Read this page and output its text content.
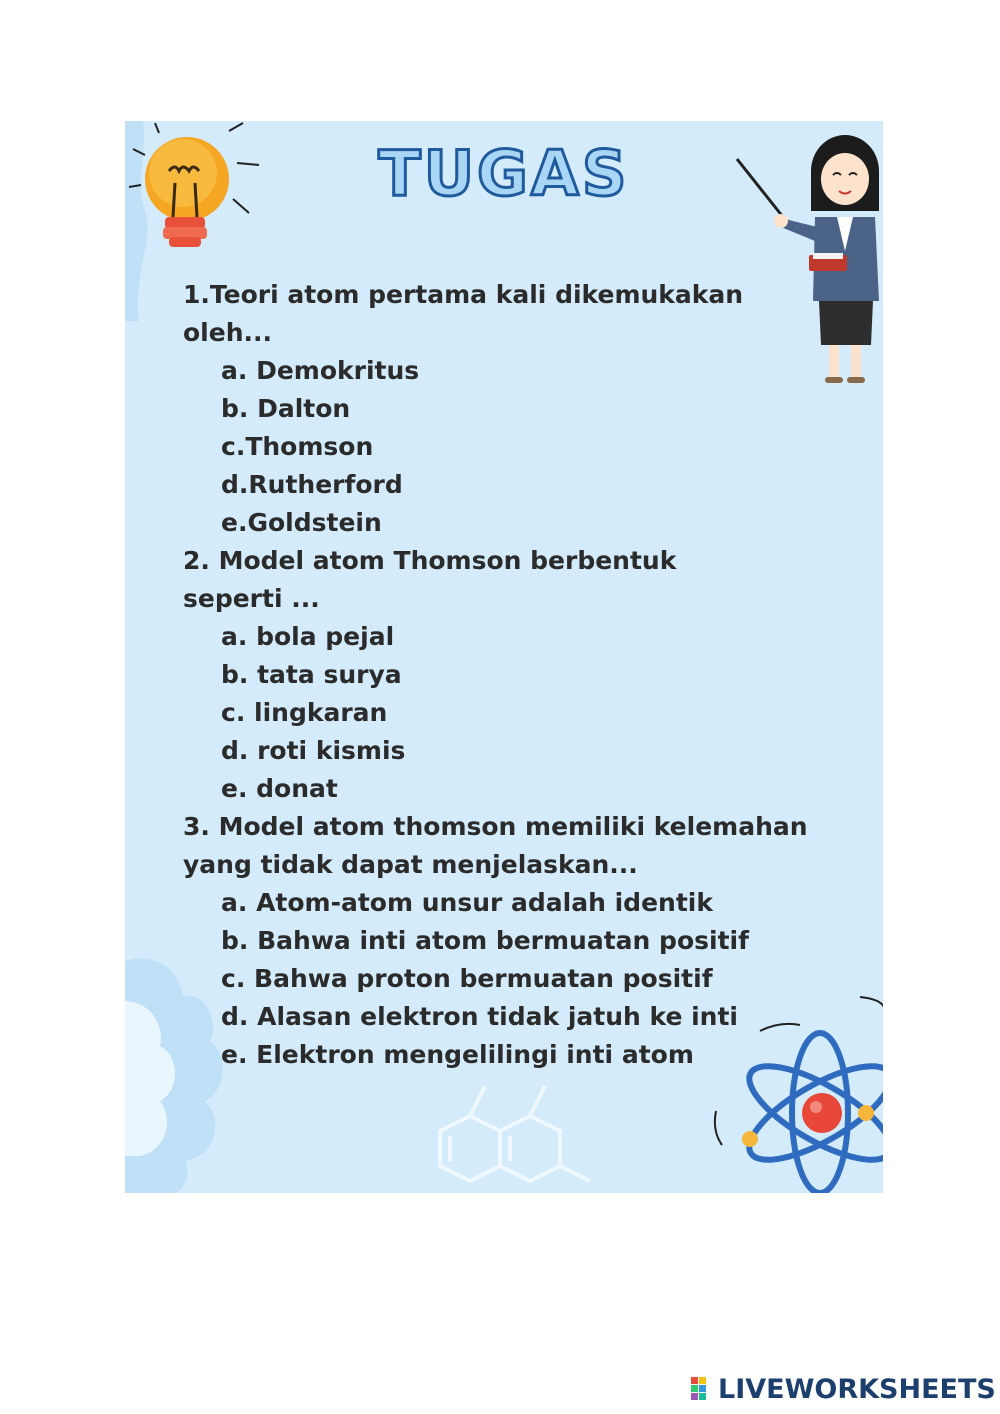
TUGAS

1.Teori atom pertama kali dikemukakan

oleh...

a. Demokritus

b. Dalton

c.Thomson

d.Rutherford

e.Goldstein

2. Model atom Thomson berbentuk

seperti ...

a. bola pejal

b. tata surya

c. lingkaran

d. roti kismis

e. donat

3. Model atom thomson memiliki kelemahan

yang tidak dapat menjelaskan...

a. Atom-atom unsur adalah identik

b. Bahwa inti atom bermuatan positif

c. Bahwa proton bermuatan positif

d. Alasan elektron tidak jatuh ke inti

e. Elektron mengelilingi inti atom

LIVEWORKSHEETS
